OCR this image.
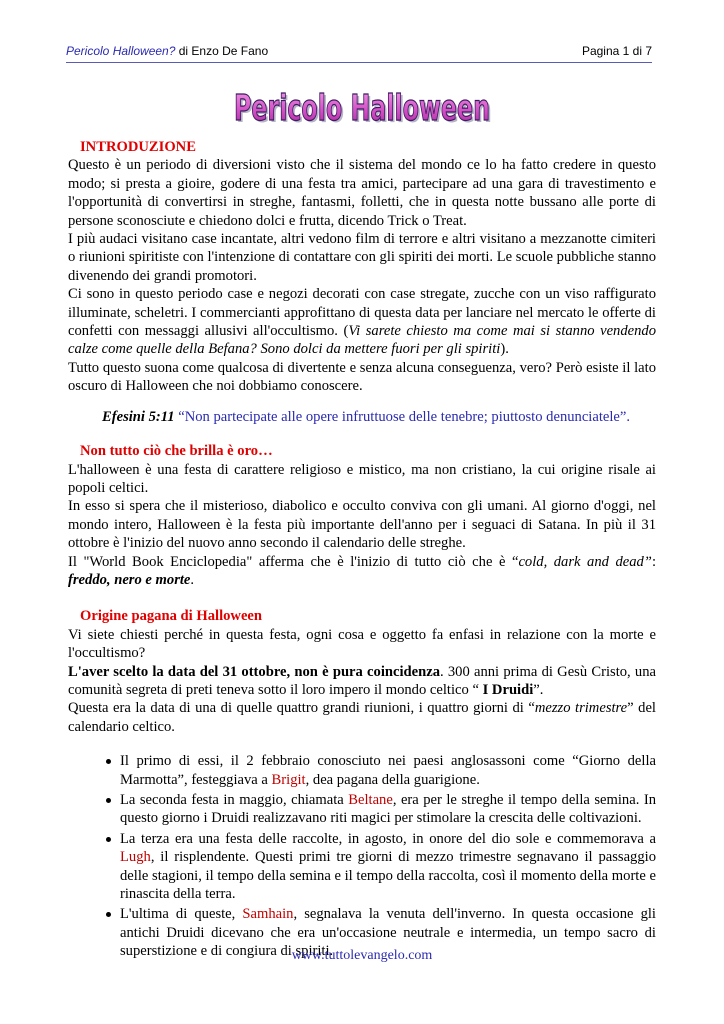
Pericolo Halloween? di Enzo De Fano	Pagina 1 di 7
Pericolo Halloween
Pericolo Halloween

INTRODUZIONE

Questo è un periodo di diversioni visto che il sistema del mondo ce lo ha fatto credere in questo modo; si presta a gioire, godere di una festa tra amici, partecipare ad una gara di travestimento e l'opportunità di convertirsi in streghe, fantasmi, folletti, che in questa notte bussano alle porte di persone sconosciute e chiedono dolci e frutta, dicendo Trick o Treat.

I più audaci visitano case incantate, altri vedono film di terrore e altri visitano a mezzanotte cimiteri o riunioni spiritiste con l'intenzione di contattare con gli spiriti dei morti. Le scuole pubbliche stanno divenendo dei grandi promotori.

Ci sono in questo periodo case e negozi decorati con case stregate, zucche con un viso raffigurato illuminate, scheletri. I commercianti approfittano di questa data per lanciare nel mercato le offerte di confetti con messaggi allusivi all'occultismo. (Vi sarete chiesto ma come mai si stanno vendendo calze come quelle della Befana? Sono dolci da mettere fuori per gli spiriti).

Tutto questo suona come qualcosa di divertente e senza alcuna conseguenza, vero? Però esiste il lato oscuro di Halloween che noi dobbiamo conoscere.

Efesini 5:11 “Non partecipate alle opere infruttuose delle tenebre; piuttosto denunciatele”.

Non tutto ciò che brilla è oro…

L'halloween è una festa di carattere religioso e mistico, ma non cristiano, la cui origine risale ai popoli celtici.

In esso si spera che il misterioso, diabolico e occulto conviva con gli umani. Al giorno d'oggi, nel mondo intero, Halloween è la festa più importante dell'anno per i seguaci di Satana. In più il 31 ottobre è l'inizio del nuovo anno secondo il calendario delle streghe.

Il "World Book Enciclopedia" afferma che è l'inizio di tutto ciò che è “cold, dark and dead”: freddo, nero e morte.

Origine pagana di Halloween

Vi siete chiesti perché in questa festa, ogni cosa e oggetto fa enfasi in relazione con la morte e l'occultismo?

L'aver scelto la data del 31 ottobre, non è pura coincidenza. 300 anni prima di Gesù Cristo, una comunità segreta di preti teneva sotto il loro impero il mondo celtico “ I Druidi”.

Questa era la data di una di quelle quattro grandi riunioni, i quattro giorni di “mezzo trimestre” del calendario celtico.

Il primo di essi, il 2 febbraio conosciuto nei paesi anglosassoni come “Giorno della Marmotta”, festeggiava a Brigit, dea pagana della guarigione.
La seconda festa in maggio, chiamata Beltane, era per le streghe il tempo della semina. In questo giorno i Druidi realizzavano riti magici per stimolare la crescita delle coltivazioni.
La terza era una festa delle raccolte, in agosto, in onore del dio sole e commemorava a Lugh, il risplendente. Questi primi tre giorni di mezzo trimestre segnavano il passaggio delle stagioni, il tempo della semina e il tempo della raccolta, così il momento della morte e rinascita della terra.
L'ultima di queste, Samhain, segnalava la venuta dell'inverno. In questa occasione gli antichi Druidi dicevano che era un'occasione neutrale e intermedia, un tempo sacro di superstizione e di congiura di spiriti.
www.tuttolevangelo.com
